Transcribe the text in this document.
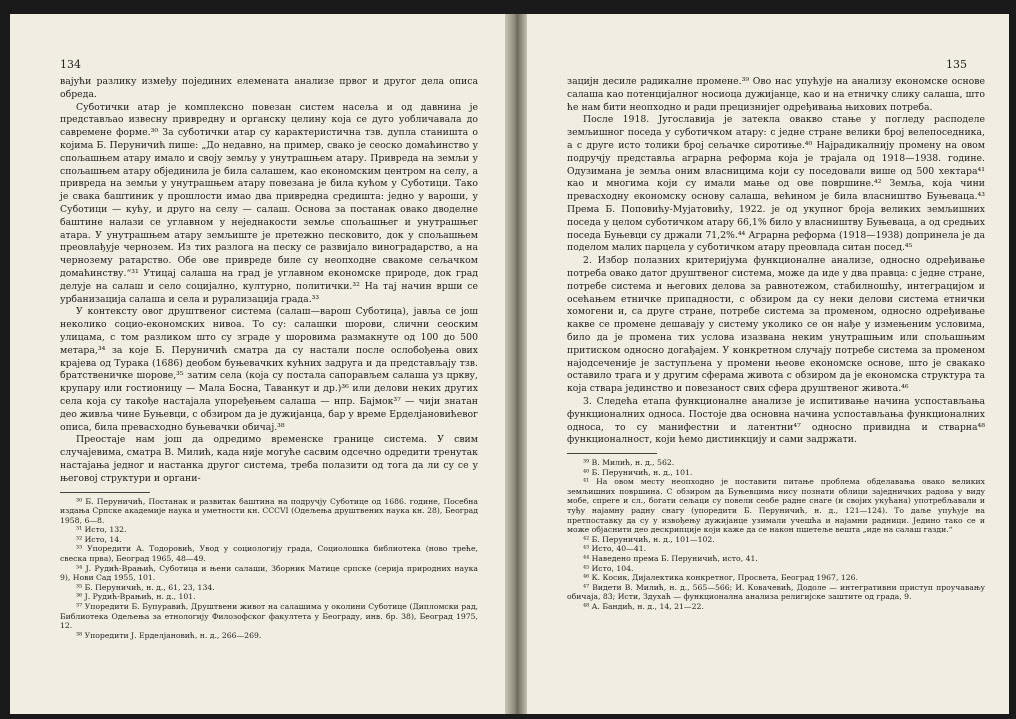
134

вајући разлику између појединих елемената анализе првог и другог дела описа обреда.

Суботички атар је комплексно повезан систем насеља и од давнина је представљао извесну привредну и органску целину која се дуго уобличавала до савремене форме.³⁰ За суботички атар су карактеристична тзв. дупла станишта о којима Б. Перуничић пише: „До недавно, на пример, свако је сеоско домаћинство у спољашњем атару имало и своју земљу у унутрашњем атару. Привреда на земљи у спољашњем атару објединила је била салашем, као економским центром на селу, а привреда на земљи у унутрашњем атару повезана је била кућом у Суботици. Тако је свака баштиник у прошлости имао два привредна средишта: једно у вароши, у Суботици — кућу, и друго на селу — салаш. Основа за постанак овако дводелне баштине налази се углавном у неједнакости земље спољашњег и унутрашњег атара. У унутрашњем атару земљиште је претежно песковито, док у спољашњем преовлађује чернозем. Из тих разлога на песку се развијало виноградарство, а на чернозему ратарство. Обе ове привреде биле су неопходне свакоме сељачком домаћинству.“³¹ Утицај салаша на град је углавном економске природе, док град делује на салаш и село социјално, културно, политички.³² На тај начин врши се урбанизација салаша и села и рурализација града.³³

У контексту овог друштвеног система (салаш—варош Суботица), јавља се још неколико социо-економских нивоа. То су: салашки шорови, слични сеоским улицама, с том разликом што су зграде у шоровима размакнуте од 100 до 500 метара,³⁴ за које Б. Перуничић сматра да су настали после ослобођења ових крајева од Турака (1686) деобом буњевачких кућних задруга и да представљају тзв. братственичке шорове,³⁵ затим села (која су постала сапорављем салаша уз цркву, крупару или гостионицу — Мала Босна, Таванкут и др.)³⁶ или делови неких других села која су такође настајала упоређењем салаша — нпр. Бајмок³⁷ — чији знатан део живља чине Буњевци, с обзиром да је дужијанца, бар у време Ерделјановићевог описа, била превасходно буњевачки обичај.³⁸

Преостаје нам још да одредимо временске границе система. У свим случајевима, сматра В. Милић, када није могуће сасвим одсечно одредити тренутак настајања једног и настанка другог система, треба полазити од тога да ли су се у његовој структури и органи-

³⁰ Б. Перуничић, Постанак и развитак баштина на подручју Суботице од 1686. године, Посебна издања Српске академије наука и уметности кн. CCCVI (Одељења друштвених наука кн. 28), Београд 1958, 6—8.

³¹ Исто, 132.

³² Исто, 14.

³³ Упоредити А. Тодоровић, Увод у социологију града, Социолошка библиотека (ново треће, свеска прва), Београд 1965, 48—49.

³⁴ Ј. Рудић-Врањић, Суботица и њени салаши, Зборник Матице српске (серија природних наука 9), Нови Сад 1955, 101.

³⁵ Б. Перуничић, н. д., 61, 23, 134.

³⁶ Ј. Рудић-Врањић, н. д., 101.

³⁷ Упоредити Б. Бупуравић, Друштвени живот на салашима у околини Суботице (Дипломски рад, Библиотека Одељења за етнологију Филозофског факултета у Београду, инв. бр. 38), Београд 1975, 12.

³⁸ Упоредити Ј. Ерделјановић, н. д., 266—269.

135

зацијн десиле радикалне промене.³⁹ Ово нас упућује на анализу економске основе салаша као потенцијалног носиоца дужијанце, као и на етничку слику салаша, што ће нам бити неопходно и ради прецизнијег одређивања њихових потреба.

После 1918. Југославија је затекла овакво стање у погледу расподеле земљишног поседа у суботичком атару: с једне стране велики број велепоседника, а с друге исто толики број сељачке сиротиње.⁴⁰ Најрадикалнију промену на овом подручју представља аграрна реформа која је трајала од 1918—1938. године. Одузимана је земља оним власницима који су поседовали више од 500 хектара⁴¹ као и многима који су имали мање од ове површине.⁴² Земља, која чини превасходну економску основу салаша, већином је била власништво Буњеваца.⁴³ Према Б. Поповићу-Мујатовићу, 1922. је од укупног броја великих земљишних поседа у целом суботичком атару 66,1% било у власништву Буњеваца, а од средњих поседа Буњевци су држали 71,2%.⁴⁴ Аграрна реформа (1918—1938) допринела је да поделом малих парцела у суботичком атару преовлада ситан посед.⁴⁵

2. Избор полазних критеријума функционалне анализе, односно одређивање потреба овако датог друштвеног система, може да иде у два правца: с једне стране, потребе система и његових делова за равнотежом, стабилношћу, интеграцијом и осећањем етничке припадности, с обзиром да су неки делови система етнички хомогени и, са друге стране, потребе система за променом, односно одређивање какве се промене дешавају у систему уколико се он нађе у измењеним условима, било да је промена тих услова изазвана неким унутрашњим или спољашњим притиском односно догађајем. У конкретном случају потребе система за променом најодсеченије је заступљена у промени њеове економске основе, што је свакако оставило трага и у другим сферама живота с обзиром да је економска структура та која ствара јединство и повезаност свих сфера друштвеног живота.⁴⁶

3. Следећа етапа функционалне анализе је испитивање начина успостављања функционалних односа. Постоје два основна начина успостављања функционалних односа, то су манифестни и латентни⁴⁷ односно привидна и стварна⁴⁸ функционалност, који ћемо дистинкцију и сами задржати.

³⁹ В. Милић, н. д., 562.

⁴⁰ Б. Перуничић, н. д., 101.

⁴¹ На овом месту неопходно је поставити питање проблема обделавања овако великих земљишних површина. С обзиром да Буњевцима нису познати облици заједничких радова у виду мобе, спреге и сл., богати сељаци су повели сеобе радне снаге (и својих укућана) употребљавали и туђу најамну радну снагу (упоредити Б. Перуничић, н. д., 121—124). То даље упућује на претпоставку да су у извођењу дужијанце узимали учешћа и најамни радници. Једино тако се и може објаснити део дескрипције који каже да се након пшетеље вешта „иде на салаш газди.“

⁴² Б. Перуничић, н. д., 101—102.

⁴³ Исто, 40—41.

⁴⁴ Наведено према Б. Перуничић, исто, 41.

⁴⁵ Исто, 104.

⁴⁶ К. Косик, Дијалектика конкретног, Просвета, Београд 1967, 126.

⁴⁷ Видети В. Милић, н. д., 565—566; И. Ковачевић, Додоле — интегративни приступ проучавању обичаја, 83; Исти, Здухаћ — функционална анализа религијске заштите од града, 9.

⁴⁸ А. Бандић, н. д., 14, 21—22.
